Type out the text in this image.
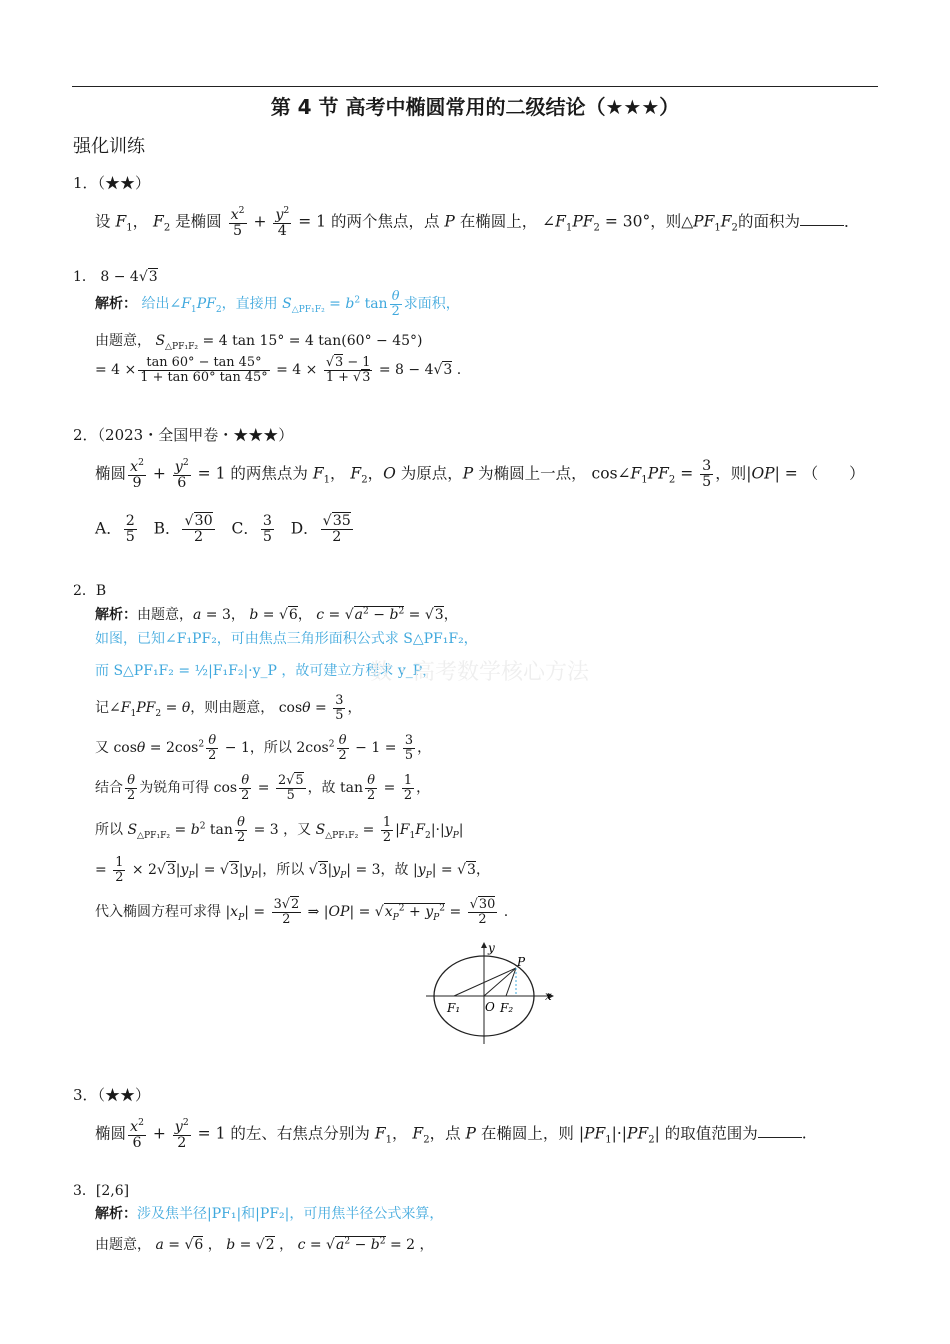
第 4 节 高考中椭圆常用的二级结论（★★★）
强化训练
1．（★★）
设 $F_1$， $F_2$ 是椭圆 $\frac{x^2}{5} + \frac{y^2}{4} = 1$ 的两个焦点，点 P 在椭圆上， $\angle F_1PF_2 = 30^\circ$，则$\triangle PF_1F_2$的面积为	．
1． 8 − 4√3
解析： 给出$\angle F_1PF_2$，直接用 $S_{\triangle PF_1F_2} = b^2$ $\tan \frac{\theta}{2}$ 求面积，
由题意， $S_{\triangle PF_1F_2} = 4$ tan 15° = 4 tan(60° − 45°)
= $4 \times \frac{\tan 60^\circ - \tan 45^\circ}{1 + \tan 60^\circ \tan 45^\circ} = 4 \times \frac{√3 - 1}{1 + √3} = 8 - 4√3$ .
2．（2023・全国甲卷・★★★）
椭圆 $\frac{x^2}{9} + \frac{y^2}{6} = 1$ 的两焦点为 $F_1$， $F_2$，O 为原点，P 为椭圆上一点， $\cos\angle F_1PF_2 = \frac{3}{5}$ ，则|OP| = （　　）
A． $\frac{2}{5}$ B． $\frac{√30}{2}$ C． $\frac{3}{5}$ D． $\frac{√35}{2}$
2．B
解析：由题意，a = 3， b = √6， $c = √a^2 - b^2 = √3$，
如图，已知∠F₁PF₂，可由焦点三角形面积公式求 S△PF₁F₂，
而 S△PF₁F₂ = ½|F₁F₂|·y_P ，故可建立方程求 y_P，
数 · 高考数学核心方法
记$\angle F_1PF_2 = \theta$，则由题意， $\cos\theta = \frac{3}{5}$ ，
又 $\cos\theta = 2\cos^2 \frac{\theta}{2} - 1$，所以 $2\cos^2 \frac{\theta}{2} - 1 = \frac{3}{5}$ ，
结合 $\frac{\theta}{2}$ 为锐角可得 $\cos \frac{\theta}{2} = \frac{2√5}{5}$ ，故 $\tan \frac{\theta}{2} = \frac{1}{2}$ ，
所以 $S_{\triangle PF_1F_2} = b^2$ $\tan \frac{\theta}{2} = 3$ ，又 $S_{\triangle PF_1F_2} = \frac{1}{2} |F_1F_2|\cdot|y_P|$
= $\frac{1}{2} \times 2√3|y_P| = √3|y_P|$，所以 $√3|y_P| = 3$，故 $|y_P| = √3$，
代入椭圆方程可求得 $|x_P| = \frac{3√2}{2}$ ⇒ $|OP| = √x_P^2 + y_P^2 = \frac{√30}{2}$ .
y
x
P
F₁ O F₂
3．（★★）
椭圆 $\frac{x^2}{6} + \frac{y^2}{2} = 1$ 的左、右焦点分别为 $F_1$， $F_2$，点 P 在椭圆上，则 $|PF_1|\cdot|PF_2|$ 的取值范围为	.
3．[2,6]
解析：涉及焦半径|PF₁|和|PF₂|，可用焦半径公式来算，
由题意， a = √6 ， b = √2 ， $c = √a^2 - b^2 = 2$ ，
